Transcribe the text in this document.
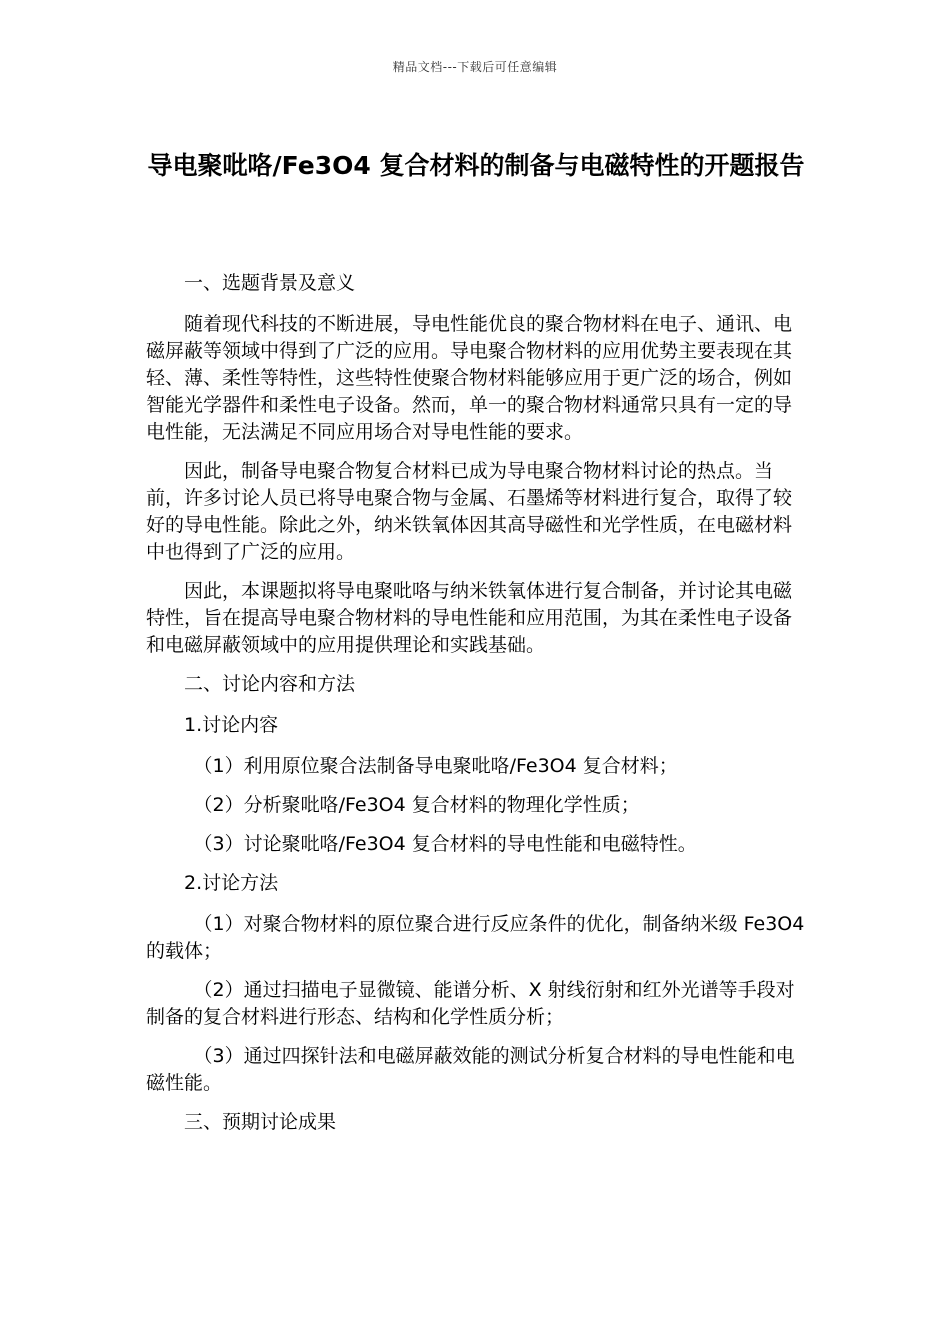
精品文档---下载后可任意编辑
导电聚吡咯/Fe3O4 复合材料的制备与电磁特性的开题报告

一、选题背景及意义

随着现代科技的不断进展，导电性能优良的聚合物材料在电子、通讯、电磁屏蔽等领域中得到了广泛的应用。导电聚合物材料的应用优势主要表现在其轻、薄、柔性等特性，这些特性使聚合物材料能够应用于更广泛的场合，例如智能光学器件和柔性电子设备。然而，单一的聚合物材料通常只具有一定的导电性能，无法满足不同应用场合对导电性能的要求。

因此，制备导电聚合物复合材料已成为导电聚合物材料讨论的热点。当前，许多讨论人员已将导电聚合物与金属、石墨烯等材料进行复合，取得了较好的导电性能。除此之外，纳米铁氧体因其高导磁性和光学性质，在电磁材料中也得到了广泛的应用。

因此，本课题拟将导电聚吡咯与纳米铁氧体进行复合制备，并讨论其电磁特性，旨在提高导电聚合物材料的导电性能和应用范围，为其在柔性电子设备和电磁屏蔽领域中的应用提供理论和实践基础。

二、讨论内容和方法

1.讨论内容

（1）利用原位聚合法制备导电聚吡咯/Fe3O4 复合材料；

（2）分析聚吡咯/Fe3O4 复合材料的物理化学性质；

（3）讨论聚吡咯/Fe3O4 复合材料的导电性能和电磁特性。

2.讨论方法

（1）对聚合物材料的原位聚合进行反应条件的优化，制备纳米级 Fe3O4 的载体；

（2）通过扫描电子显微镜、能谱分析、X 射线衍射和红外光谱等手段对制备的复合材料进行形态、结构和化学性质分析；

（3）通过四探针法和电磁屏蔽效能的测试分析复合材料的导电性能和电磁性能。

三、预期讨论成果
